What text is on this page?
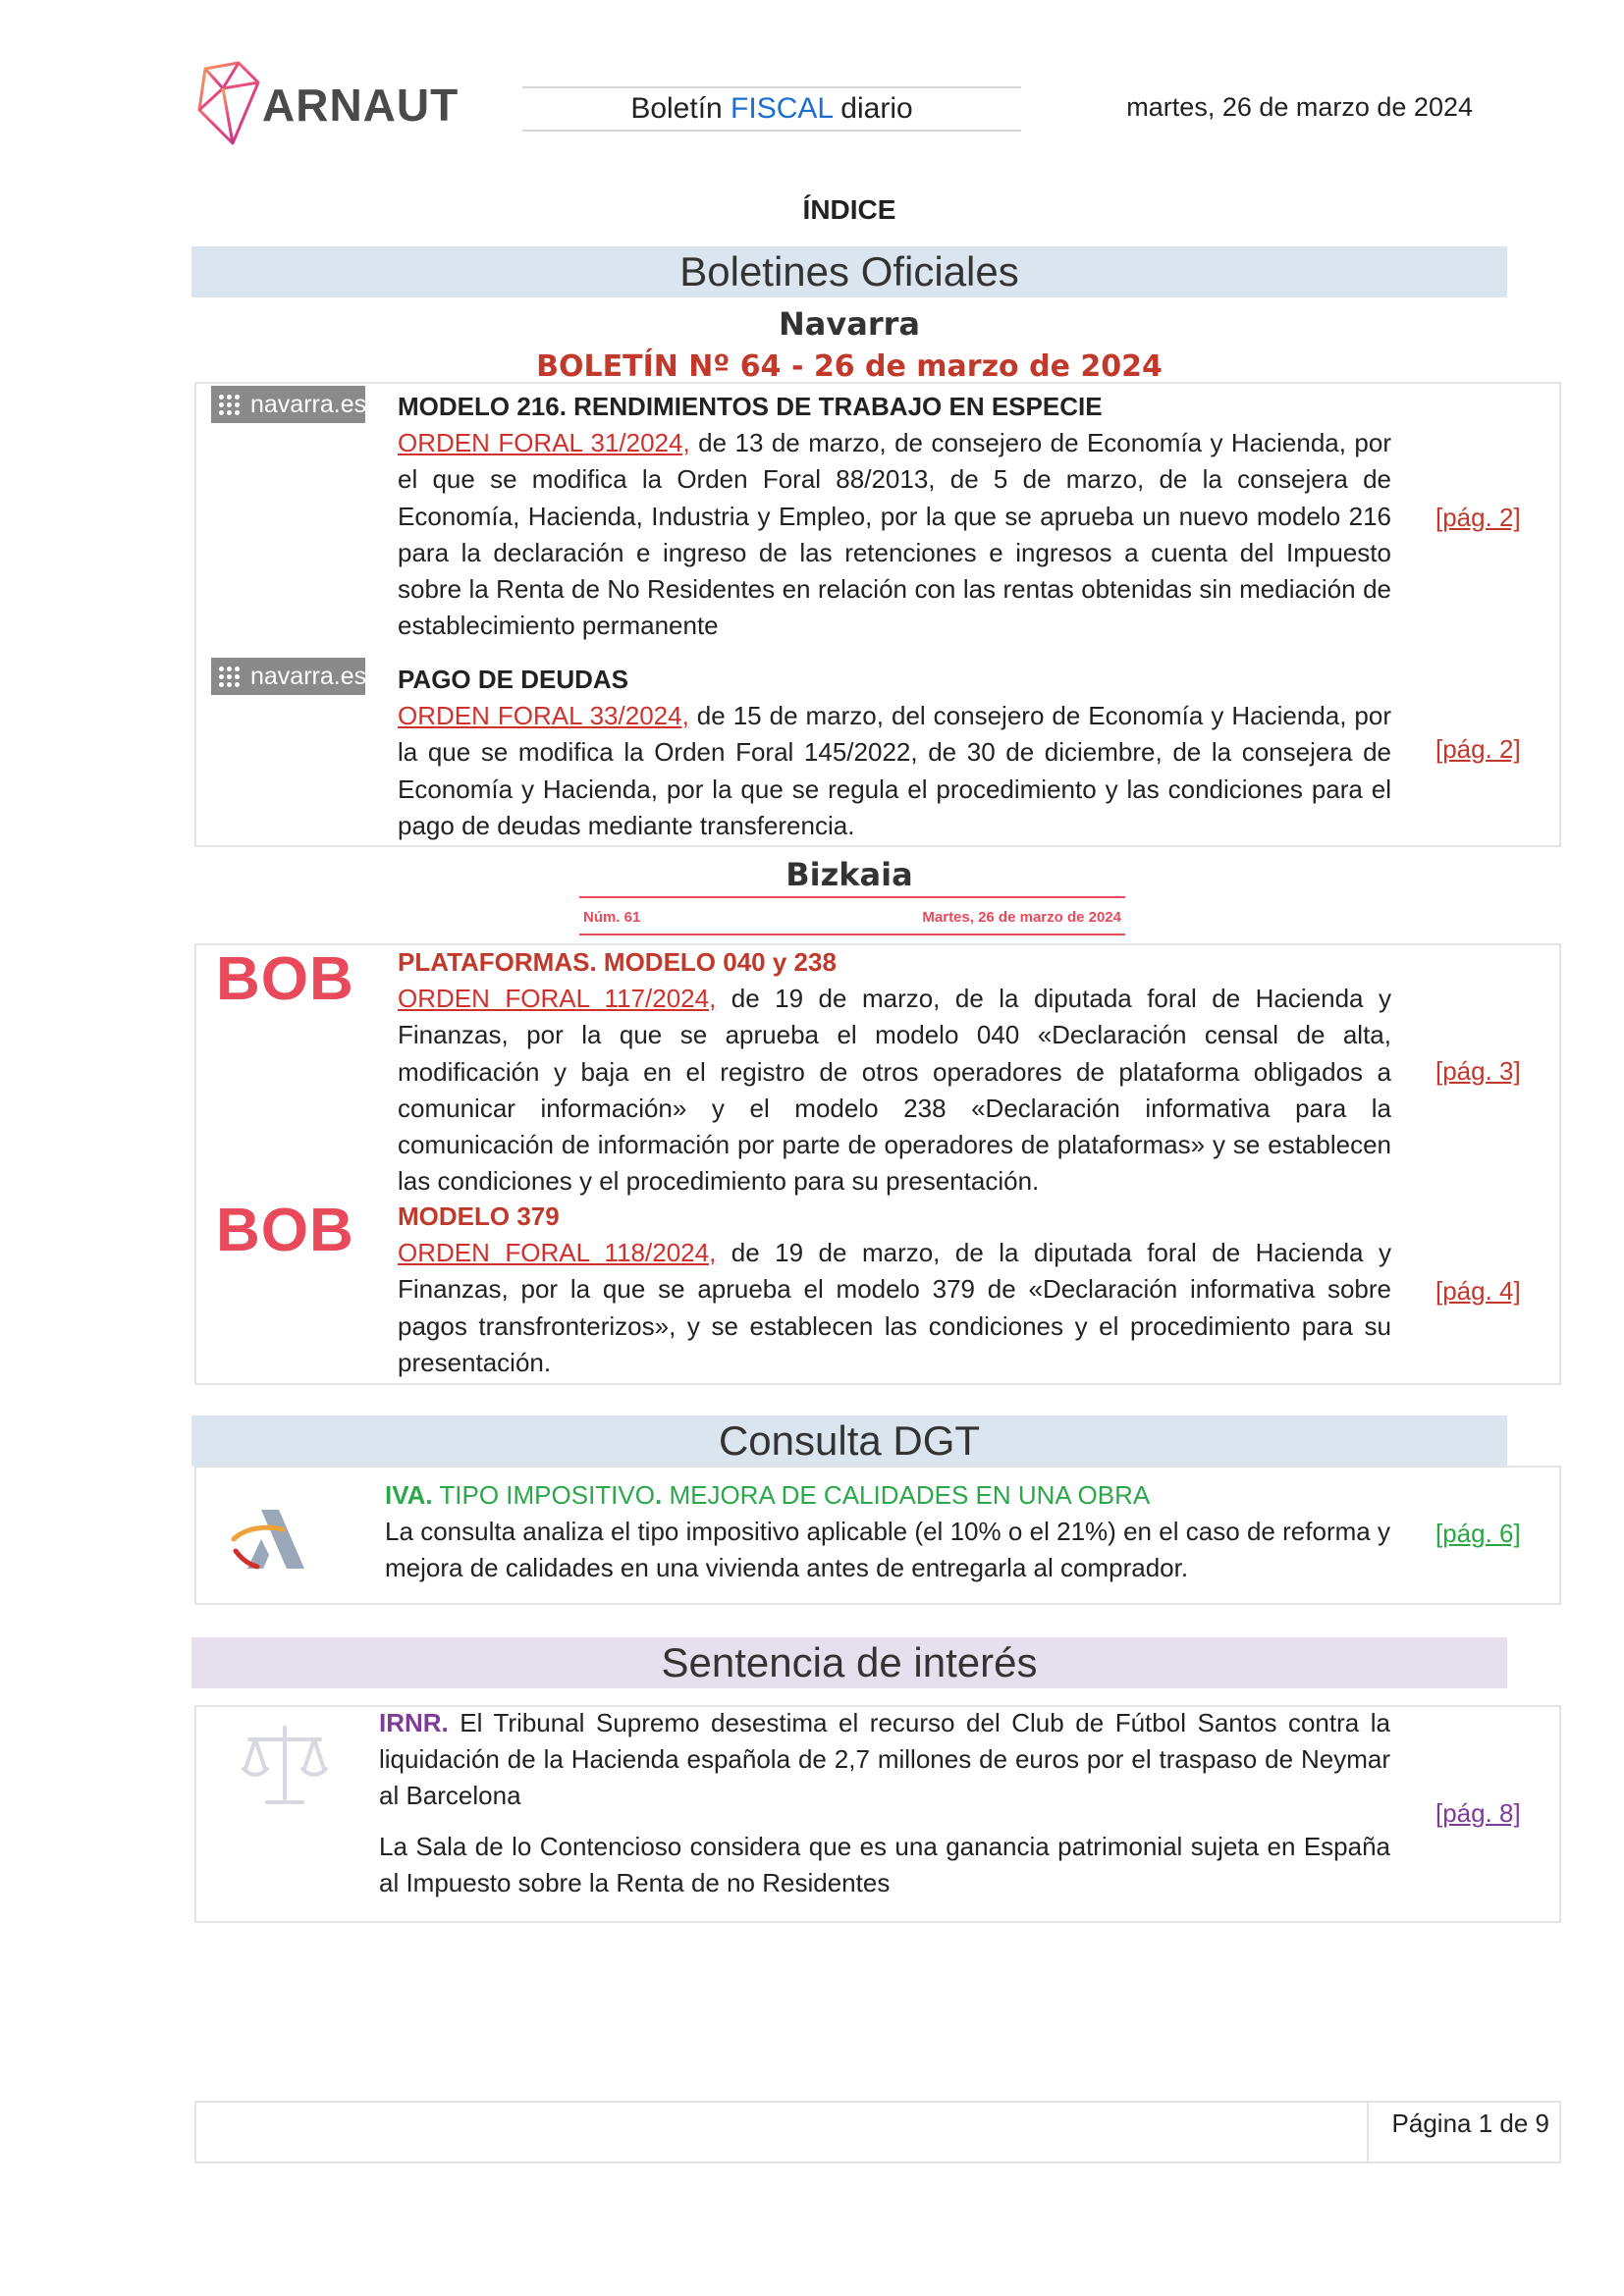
ARNAUT	Boletín FISCAL diario	martes, 26 de marzo de 2024
ÍNDICE
Boletines Oficiales
Navarra
BOLETÍN Nº 64 - 26 de marzo de 2024
navarra.es MODELO 216. RENDIMIENTOS DE TRABAJO EN ESPECIE
ORDEN FORAL 31/2024, de 13 de marzo, de consejero de Economía y Hacienda, por el que se modifica la Orden Foral 88/2013, de 5 de marzo, de la consejera de Economía, Hacienda, Industria y Empleo, por la que se aprueba un nuevo modelo 216 para la declaración e ingreso de las retenciones e ingresos a cuenta del Impuesto sobre la Renta de No Residentes en relación con las rentas obtenidas sin mediación de establecimiento permanente
[pág. 2]
navarra.es PAGO DE DEUDAS
ORDEN FORAL 33/2024, de 15 de marzo, del consejero de Economía y Hacienda, por la que se modifica la Orden Foral 145/2022, de 30 de diciembre, de la consejera de Economía y Hacienda, por la que se regula el procedimiento y las condiciones para el pago de deudas mediante transferencia.
[pág. 2]
Bizkaia
Núm. 61	Martes, 26 de marzo de 2024
BOB PLATAFORMAS. MODELO 040 y 238
ORDEN FORAL 117/2024, de 19 de marzo, de la diputada foral de Hacienda y Finanzas, por la que se aprueba el modelo 040 «Declaración censal de alta, modificación y baja en el registro de otros operadores de plataforma obligados a comunicar información» y el modelo 238 «Declaración informativa para la comunicación de información por parte de operadores de plataformas» y se establecen las condiciones y el procedimiento para su presentación.
[pág. 3]
BOB MODELO 379
ORDEN FORAL 118/2024, de 19 de marzo, de la diputada foral de Hacienda y Finanzas, por la que se aprueba el modelo 379 de «Declaración informativa sobre pagos transfronterizos», y se establecen las condiciones y el procedimiento para su presentación.
[pág. 4]
Consulta DGT
IVA. TIPO IMPOSITIVO. MEJORA DE CALIDADES EN UNA OBRA
La consulta analiza el tipo impositivo aplicable (el 10% o el 21%) en el caso de reforma y mejora de calidades en una vivienda antes de entregarla al comprador.
[pág. 6]
Sentencia de interés

IRNR. El Tribunal Supremo desestima el recurso del Club de Fútbol Santos contra la liquidación de la Hacienda española de 2,7 millones de euros por el traspaso de Neymar al Barcelona

La Sala de lo Contencioso considera que es una ganancia patrimonial sujeta en España al Impuesto sobre la Renta de no Residentes

[pág. 8]
Página 1 de 9
